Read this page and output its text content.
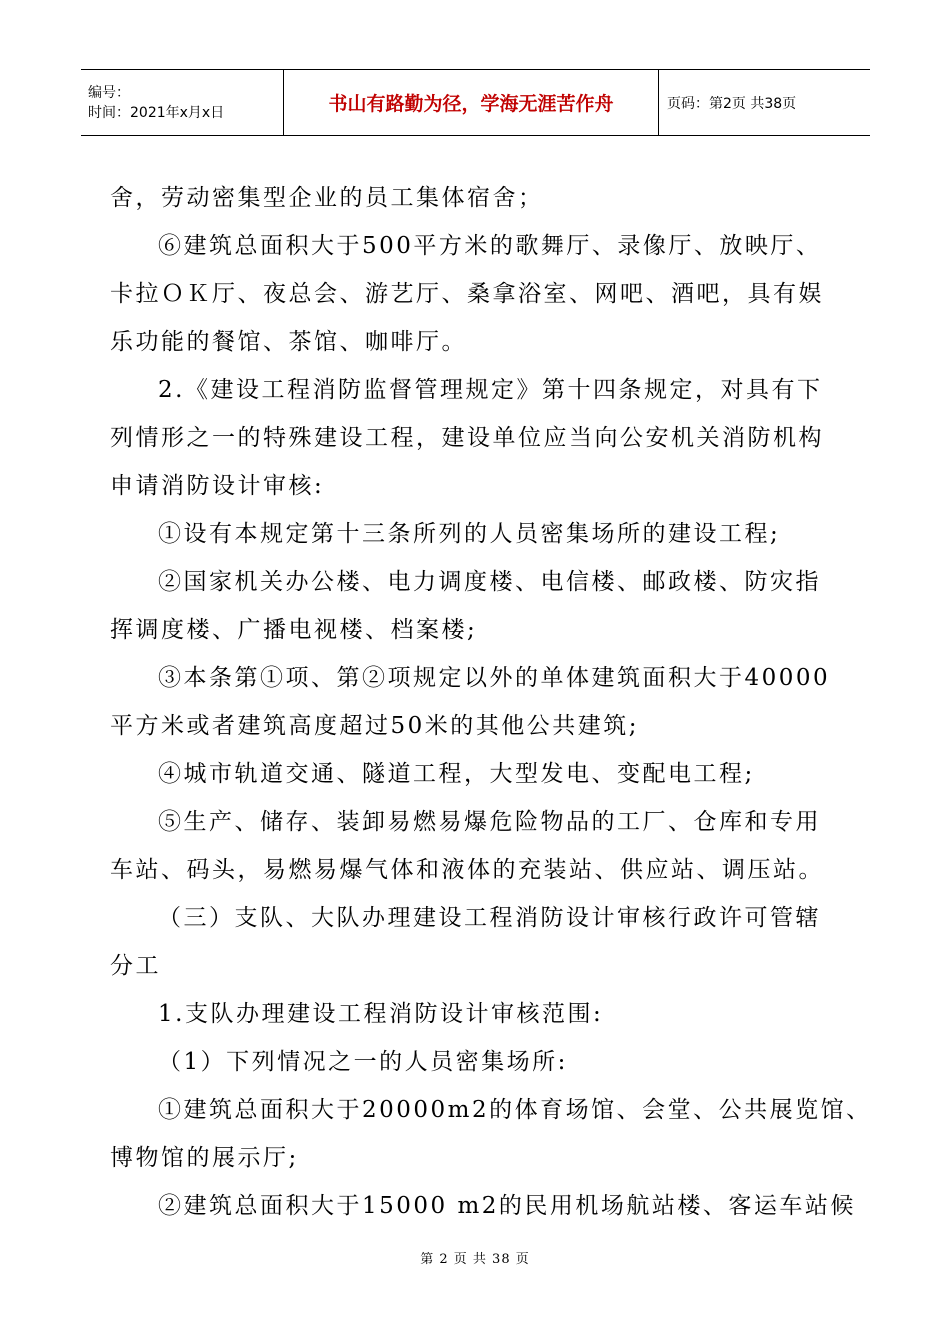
编号：
时间：2021年x月x日	书山有路勤为径，学海无涯苦作舟	页码：第2页 共38页

舍，劳动密集型企业的员工集体宿舍；

⑥建筑总面积大于500平方米的歌舞厅、录像厅、放映厅、

卡拉ＯＫ厅、夜总会、游艺厅、桑拿浴室、网吧、酒吧，具有娱

乐功能的餐馆、茶馆、咖啡厅。

2.《建设工程消防监督管理规定》第十四条规定，对具有下

列情形之一的特殊建设工程，建设单位应当向公安机关消防机构

申请消防设计审核:

①设有本规定第十三条所列的人员密集场所的建设工程;

②国家机关办公楼、电力调度楼、电信楼、邮政楼、防灾指

挥调度楼、广播电视楼、档案楼;

③本条第①项、第②项规定以外的单体建筑面积大于40000

平方米或者建筑高度超过50米的其他公共建筑;

④城市轨道交通、隧道工程，大型发电、变配电工程;

⑤生产、储存、装卸易燃易爆危险物品的工厂、仓库和专用

车站、码头，易燃易爆气体和液体的充装站、供应站、调压站。

（三）支队、大队办理建设工程消防设计审核行政许可管辖

分工

1.支队办理建设工程消防设计审核范围:

（1）下列情况之一的人员密集场所:

①建筑总面积大于20000m2的体育场馆、会堂、公共展览馆、

博物馆的展示厅;

②建筑总面积大于15000 m2的民用机场航站楼、客运车站候

第 2 页 共 38 页
